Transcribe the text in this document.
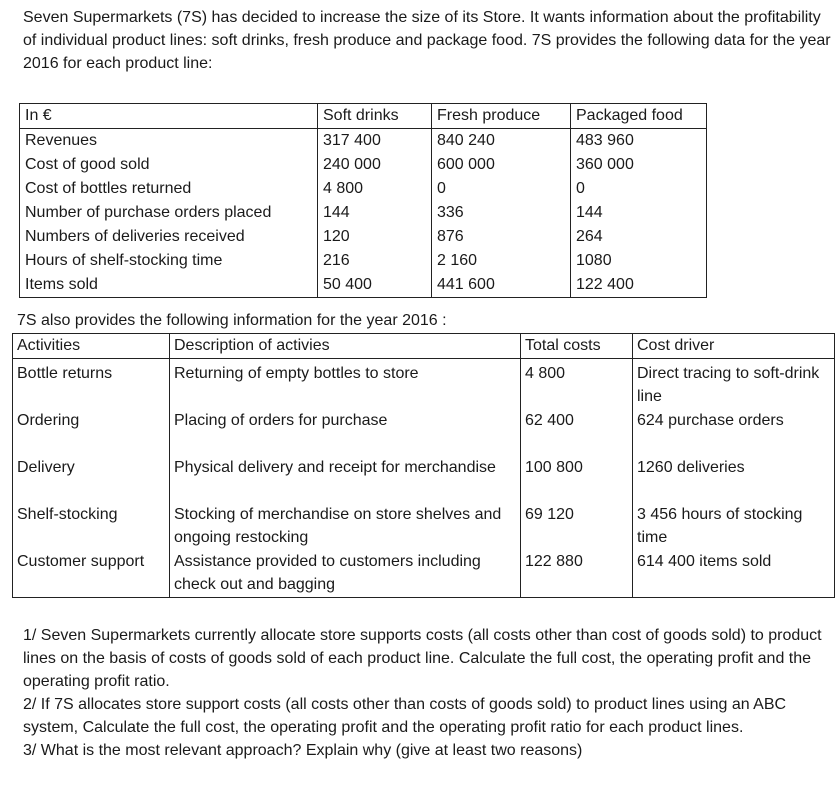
Seven Supermarkets (7S) has decided to increase the size of its Store. It wants information about the profitability of individual product lines: soft drinks, fresh produce and package food. 7S provides the following data for the year 2016 for each product line:
In €	Soft drinks	Fresh produce	Packaged food
Revenues	317 400	840 240	483 960
Cost of good sold	240 000	600 000	360 000
Cost of bottles returned	4 800	0	0
Number of purchase orders placed	144	336	144
Numbers of deliveries received	120	876	264
Hours of shelf-stocking time	216	2 160	1080
Items sold	50 400	441 600	122 400
7S also provides the following information for the year 2016 :
Activities	Description of activies	Total costs	Cost driver
Bottle returns	Returning of empty bottles to store	4 800	Direct tracing to soft-drink line
Ordering	Placing of orders for purchase	62 400	624 purchase orders
Delivery	Physical delivery and receipt for merchandise	100 800	1260 deliveries
Shelf-stocking	Stocking of merchandise on store shelves and ongoing restocking	69 120	3 456 hours of stocking time
Customer support	Assistance provided to customers including check out and bagging	122 880	614 400 items sold

1/ Seven Supermarkets currently allocate store supports costs (all costs other than cost of goods sold) to product lines on the basis of costs of goods sold of each product line. Calculate the full cost, the operating profit and the operating profit ratio.

2/ If 7S allocates store support costs (all costs other than costs of goods sold) to product lines using an ABC system, Calculate the full cost, the operating profit and the operating profit ratio for each product lines.

3/ What is the most relevant approach? Explain why (give at least two reasons)
